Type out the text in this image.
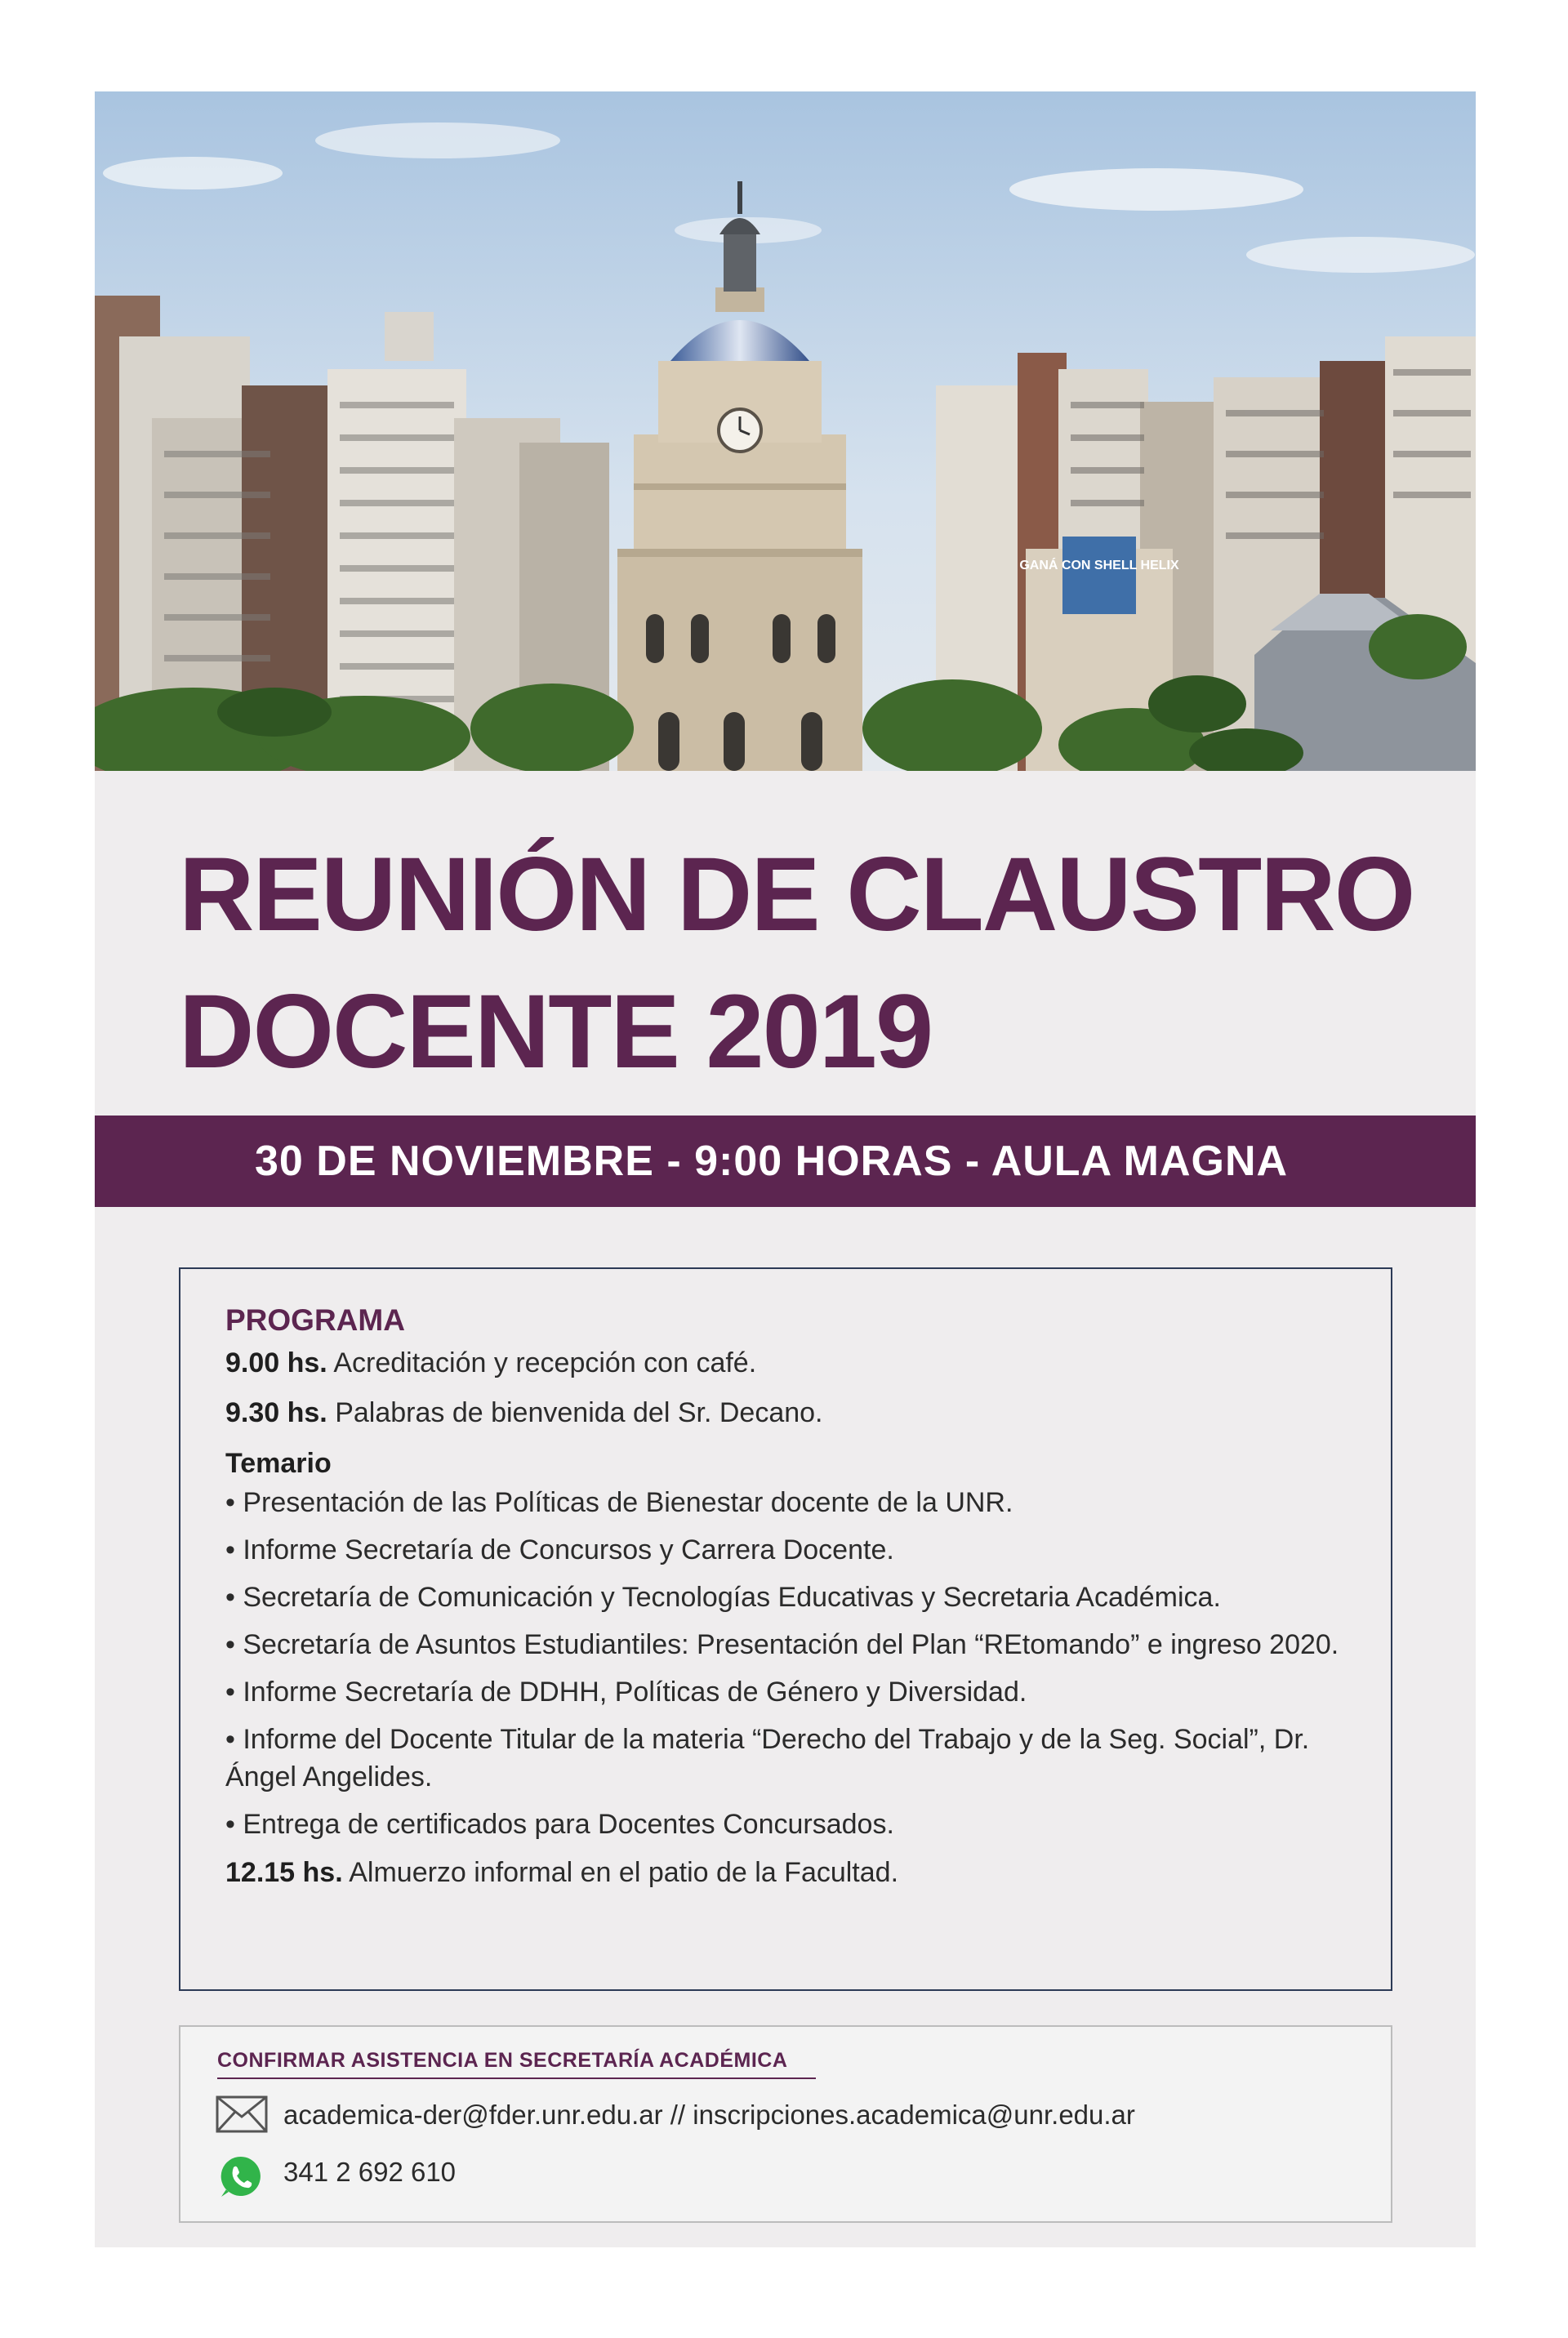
GANÁ CON SHELL HELIX
REUNIÓN DE CLAUSTRO
DOCENTE 2019
30 DE NOVIEMBRE - 9:00 HORAS - AULA MAGNA
PROGRAMA
9.00 hs. Acreditación y recepción con café.
9.30 hs. Palabras de bienvenida del Sr. Decano.
Temario
• Presentación de las Políticas de Bienestar docente de la UNR.
• Informe Secretaría de Concursos y Carrera Docente.
• Secretaría de Comunicación y Tecnologías Educativas y Secretaria Académica.
• Secretaría de Asuntos Estudiantiles: Presentación del Plan “REtomando” e ingreso 2020.
• Informe Secretaría de DDHH, Políticas de Género y Diversidad.
• Informe del Docente Titular de la materia “Derecho del Trabajo y de la Seg. Social”, Dr. Ángel Angelides.
• Entrega de certificados para Docentes Concursados.
12.15 hs. Almuerzo informal en el patio de la Facultad.
CONFIRMAR ASISTENCIA EN SECRETARÍA ACADÉMICA
academica-der@fder.unr.edu.ar // inscripciones.academica@unr.edu.ar
341 2 692 610
